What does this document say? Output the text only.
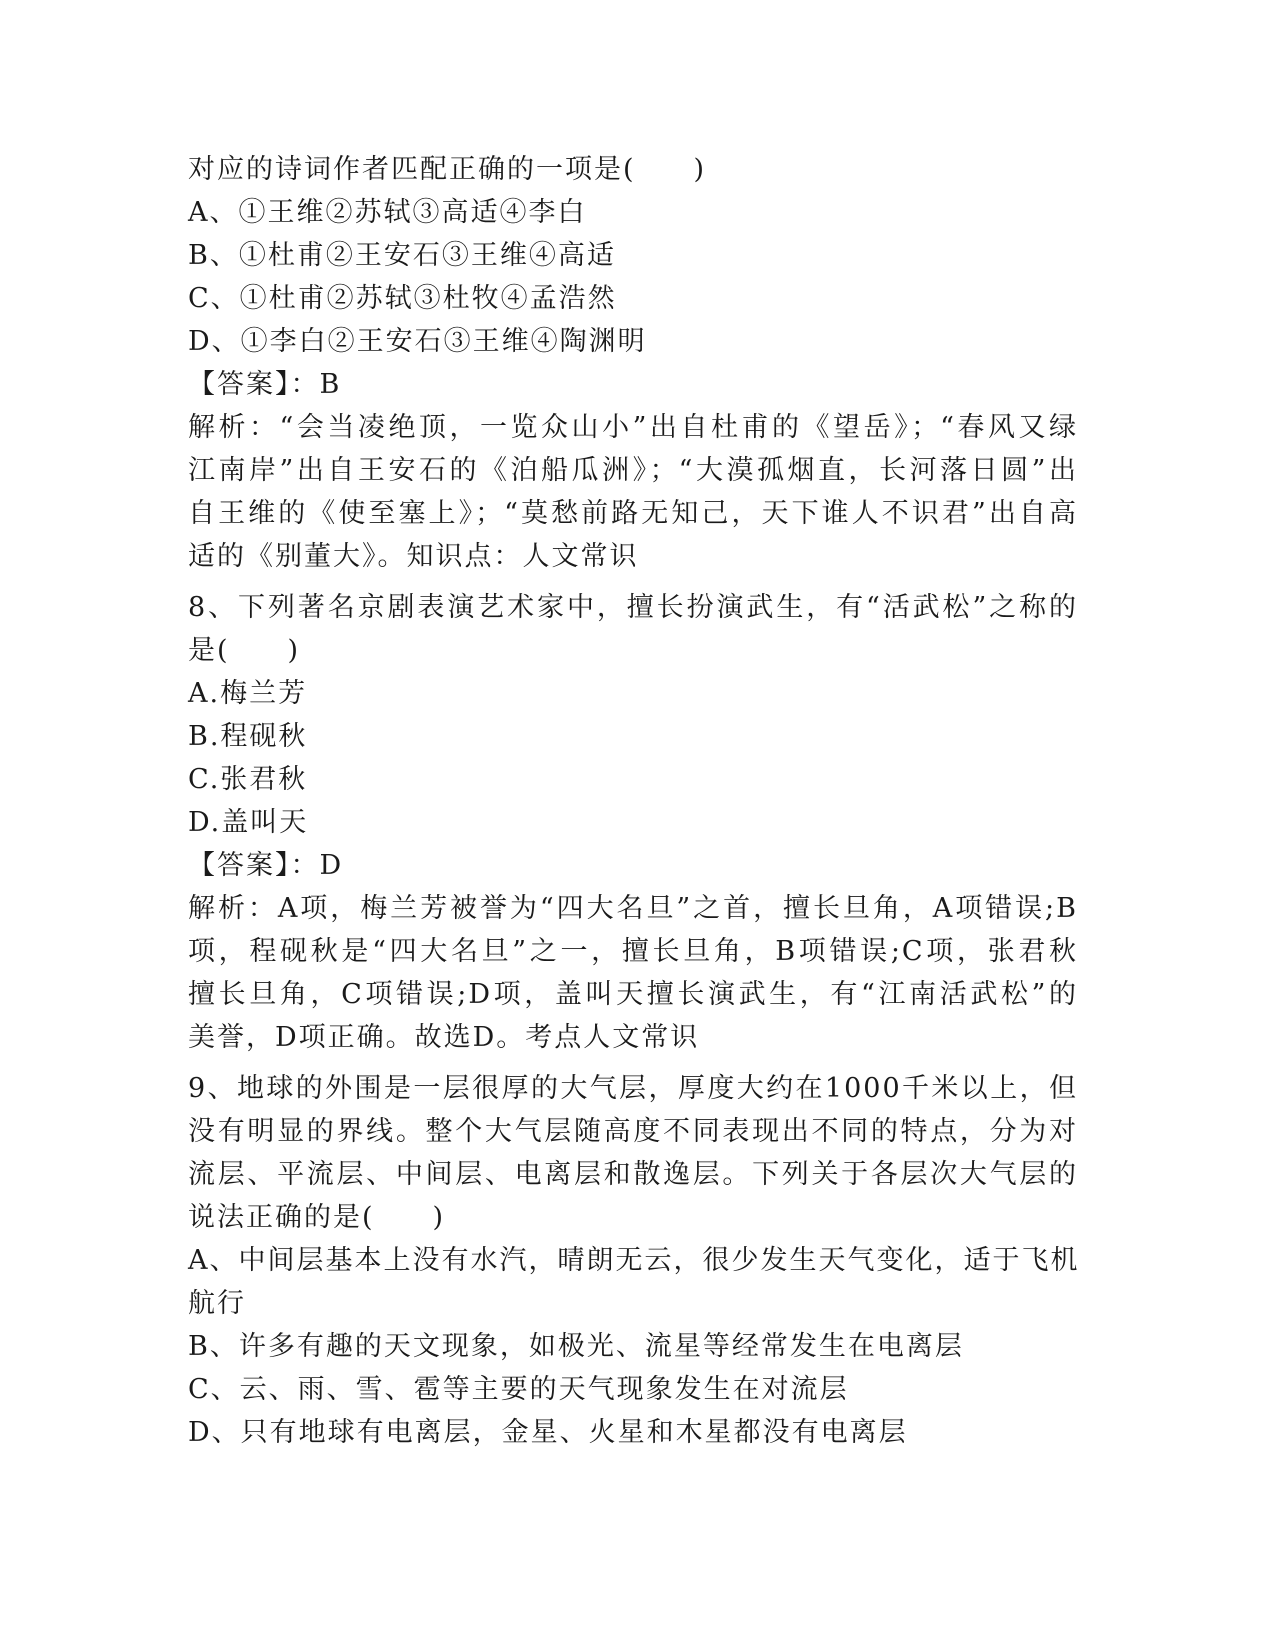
对应的诗词作者匹配正确的一项是(　　)
A、①王维②苏轼③高适④李白
B、①杜甫②王安石③王维④高适
C、①杜甫②苏轼③杜牧④孟浩然
D、①李白②王安石③王维④陶渊明
【答案】：B
解析：“会当凌绝顶，一览众山小”出自杜甫的《望岳》；“春风又绿
江南岸”出自王安石的《泊船瓜洲》；“大漠孤烟直，长河落日圆”出
自王维的《使至塞上》；“莫愁前路无知己，天下谁人不识君”出自高
适的《别董大》。知识点：人文常识
8、下列著名京剧表演艺术家中，擅长扮演武生，有“活武松”之称的
是(　　)
A.梅兰芳
B.程砚秋
C.张君秋
D.盖叫天
【答案】：D
解析：A项，梅兰芳被誉为“四大名旦”之首，擅长旦角，A项错误;B
项，程砚秋是“四大名旦”之一，擅长旦角，B项错误;C项，张君秋
擅长旦角，C项错误;D项，盖叫天擅长演武生，有“江南活武松”的
美誉，D项正确。故选D。考点人文常识
9、地球的外围是一层很厚的大气层，厚度大约在1000千米以上，但
没有明显的界线。整个大气层随高度不同表现出不同的特点，分为对
流层、平流层、中间层、电离层和散逸层。下列关于各层次大气层的
说法正确的是(　　)
A、中间层基本上没有水汽，晴朗无云，很少发生天气变化，适于飞机
航行
B、许多有趣的天文现象，如极光、流星等经常发生在电离层
C、云、雨、雪、雹等主要的天气现象发生在对流层
D、只有地球有电离层，金星、火星和木星都没有电离层
